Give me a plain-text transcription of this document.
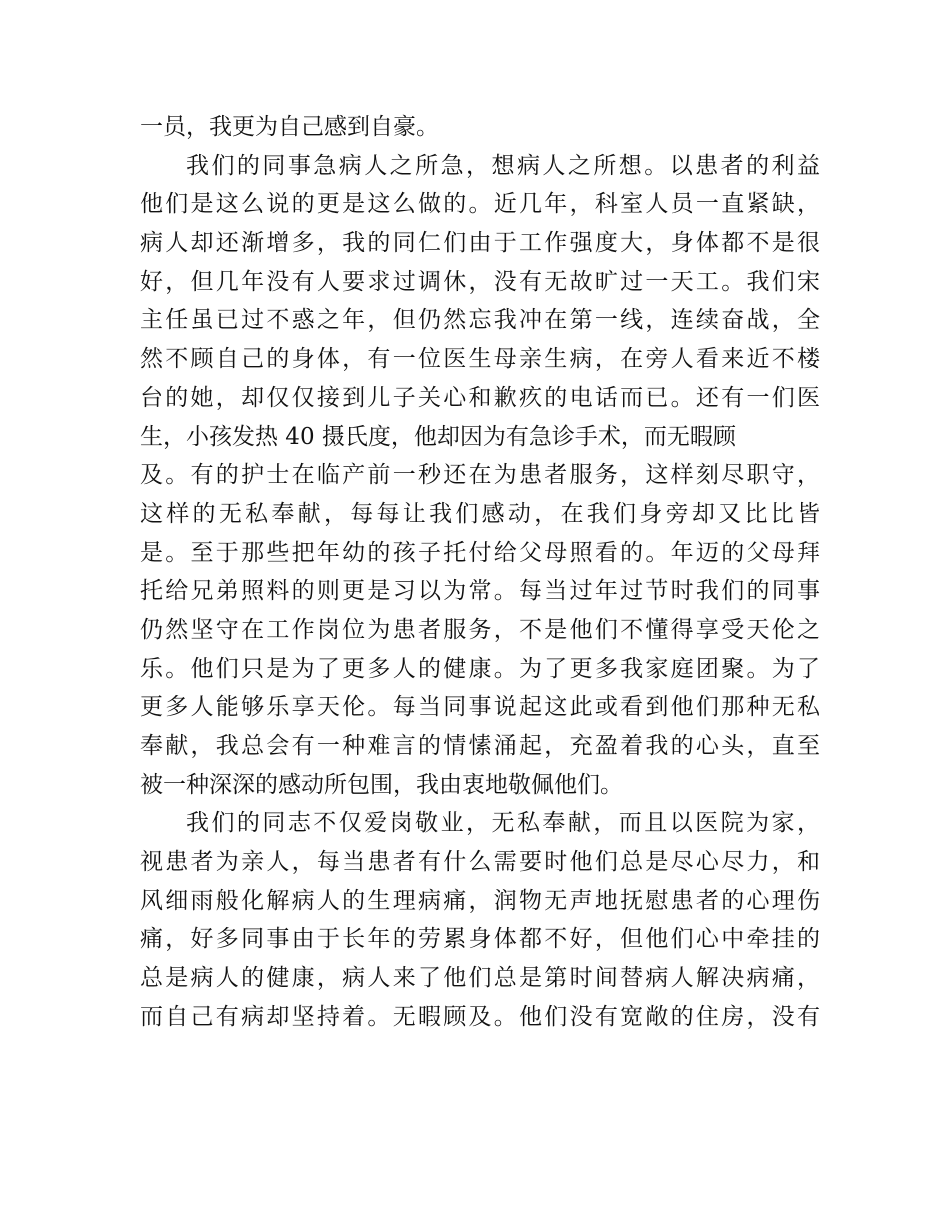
一员，我更为自己感到自豪。
我们的同事急病人之所急，想病人之所想。以患者的利益
他们是这么说的更是这么做的。近几年，科室人员一直紧缺，
病人却还渐增多，我的同仁们由于工作强度大，身体都不是很
好，但几年没有人要求过调休，没有无故旷过一天工。我们宋
主任虽已过不惑之年，但仍然忘我冲在第一线，连续奋战，全
然不顾自己的身体，有一位医生母亲生病，在旁人看来近不楼
台的她，却仅仅接到儿子关心和歉疚的电话而已。还有一们医
生，小孩发热 40 摄氏度，他却因为有急诊手术，而无暇顾
及。有的护士在临产前一秒还在为患者服务，这样刻尽职守，
这样的无私奉献，每每让我们感动，在我们身旁却又比比皆
是。至于那些把年幼的孩子托付给父母照看的。年迈的父母拜
托给兄弟照料的则更是习以为常。每当过年过节时我们的同事
仍然坚守在工作岗位为患者服务，不是他们不懂得享受天伦之
乐。他们只是为了更多人的健康。为了更多我家庭团聚。为了
更多人能够乐享天伦。每当同事说起这此或看到他们那种无私
奉献，我总会有一种难言的情愫涌起，充盈着我的心头，直至
被一种深深的感动所包围，我由衷地敬佩他们。
我们的同志不仅爱岗敬业，无私奉献，而且以医院为家，
视患者为亲人，每当患者有什么需要时他们总是尽心尽力，和
风细雨般化解病人的生理病痛，润物无声地抚慰患者的心理伤
痛，好多同事由于长年的劳累身体都不好，但他们心中牵挂的
总是病人的健康，病人来了他们总是第时间替病人解决病痛，
而自己有病却坚持着。无暇顾及。他们没有宽敞的住房，没有
